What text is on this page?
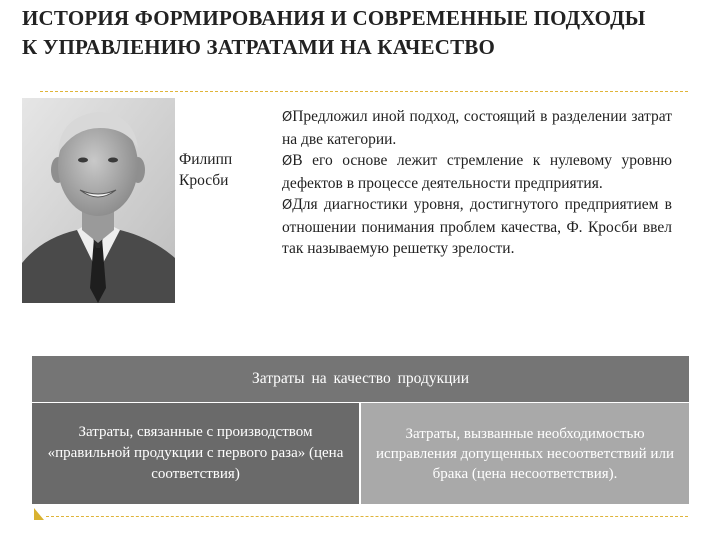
ИСТОРИЯ ФОРМИРОВАНИЯ И СОВРЕМЕННЫЕ ПОДХОДЫ К УПРАВЛЕНИЮ ЗАТРАТАМИ НА КАЧЕСТВО
Филипп Кросби
ØПредложил иной подход, состоящий в разделении затрат на две категории.
ØВ его основе лежит стремление к нулевому уровню дефектов в процессе деятельности предприятия.
ØДля диагностики уровня, достигнутого предприятием в отношении понимания проблем качества, Ф. Кросби ввел так называемую решетку зрелости.
Затраты на качество продукции
Затраты, связанные с производством «правильной продукции с первого раза» (цена соответствия)
Затраты, вызванные необходимостью исправления допущенных несоответствий или брака (цена несоответствия).
